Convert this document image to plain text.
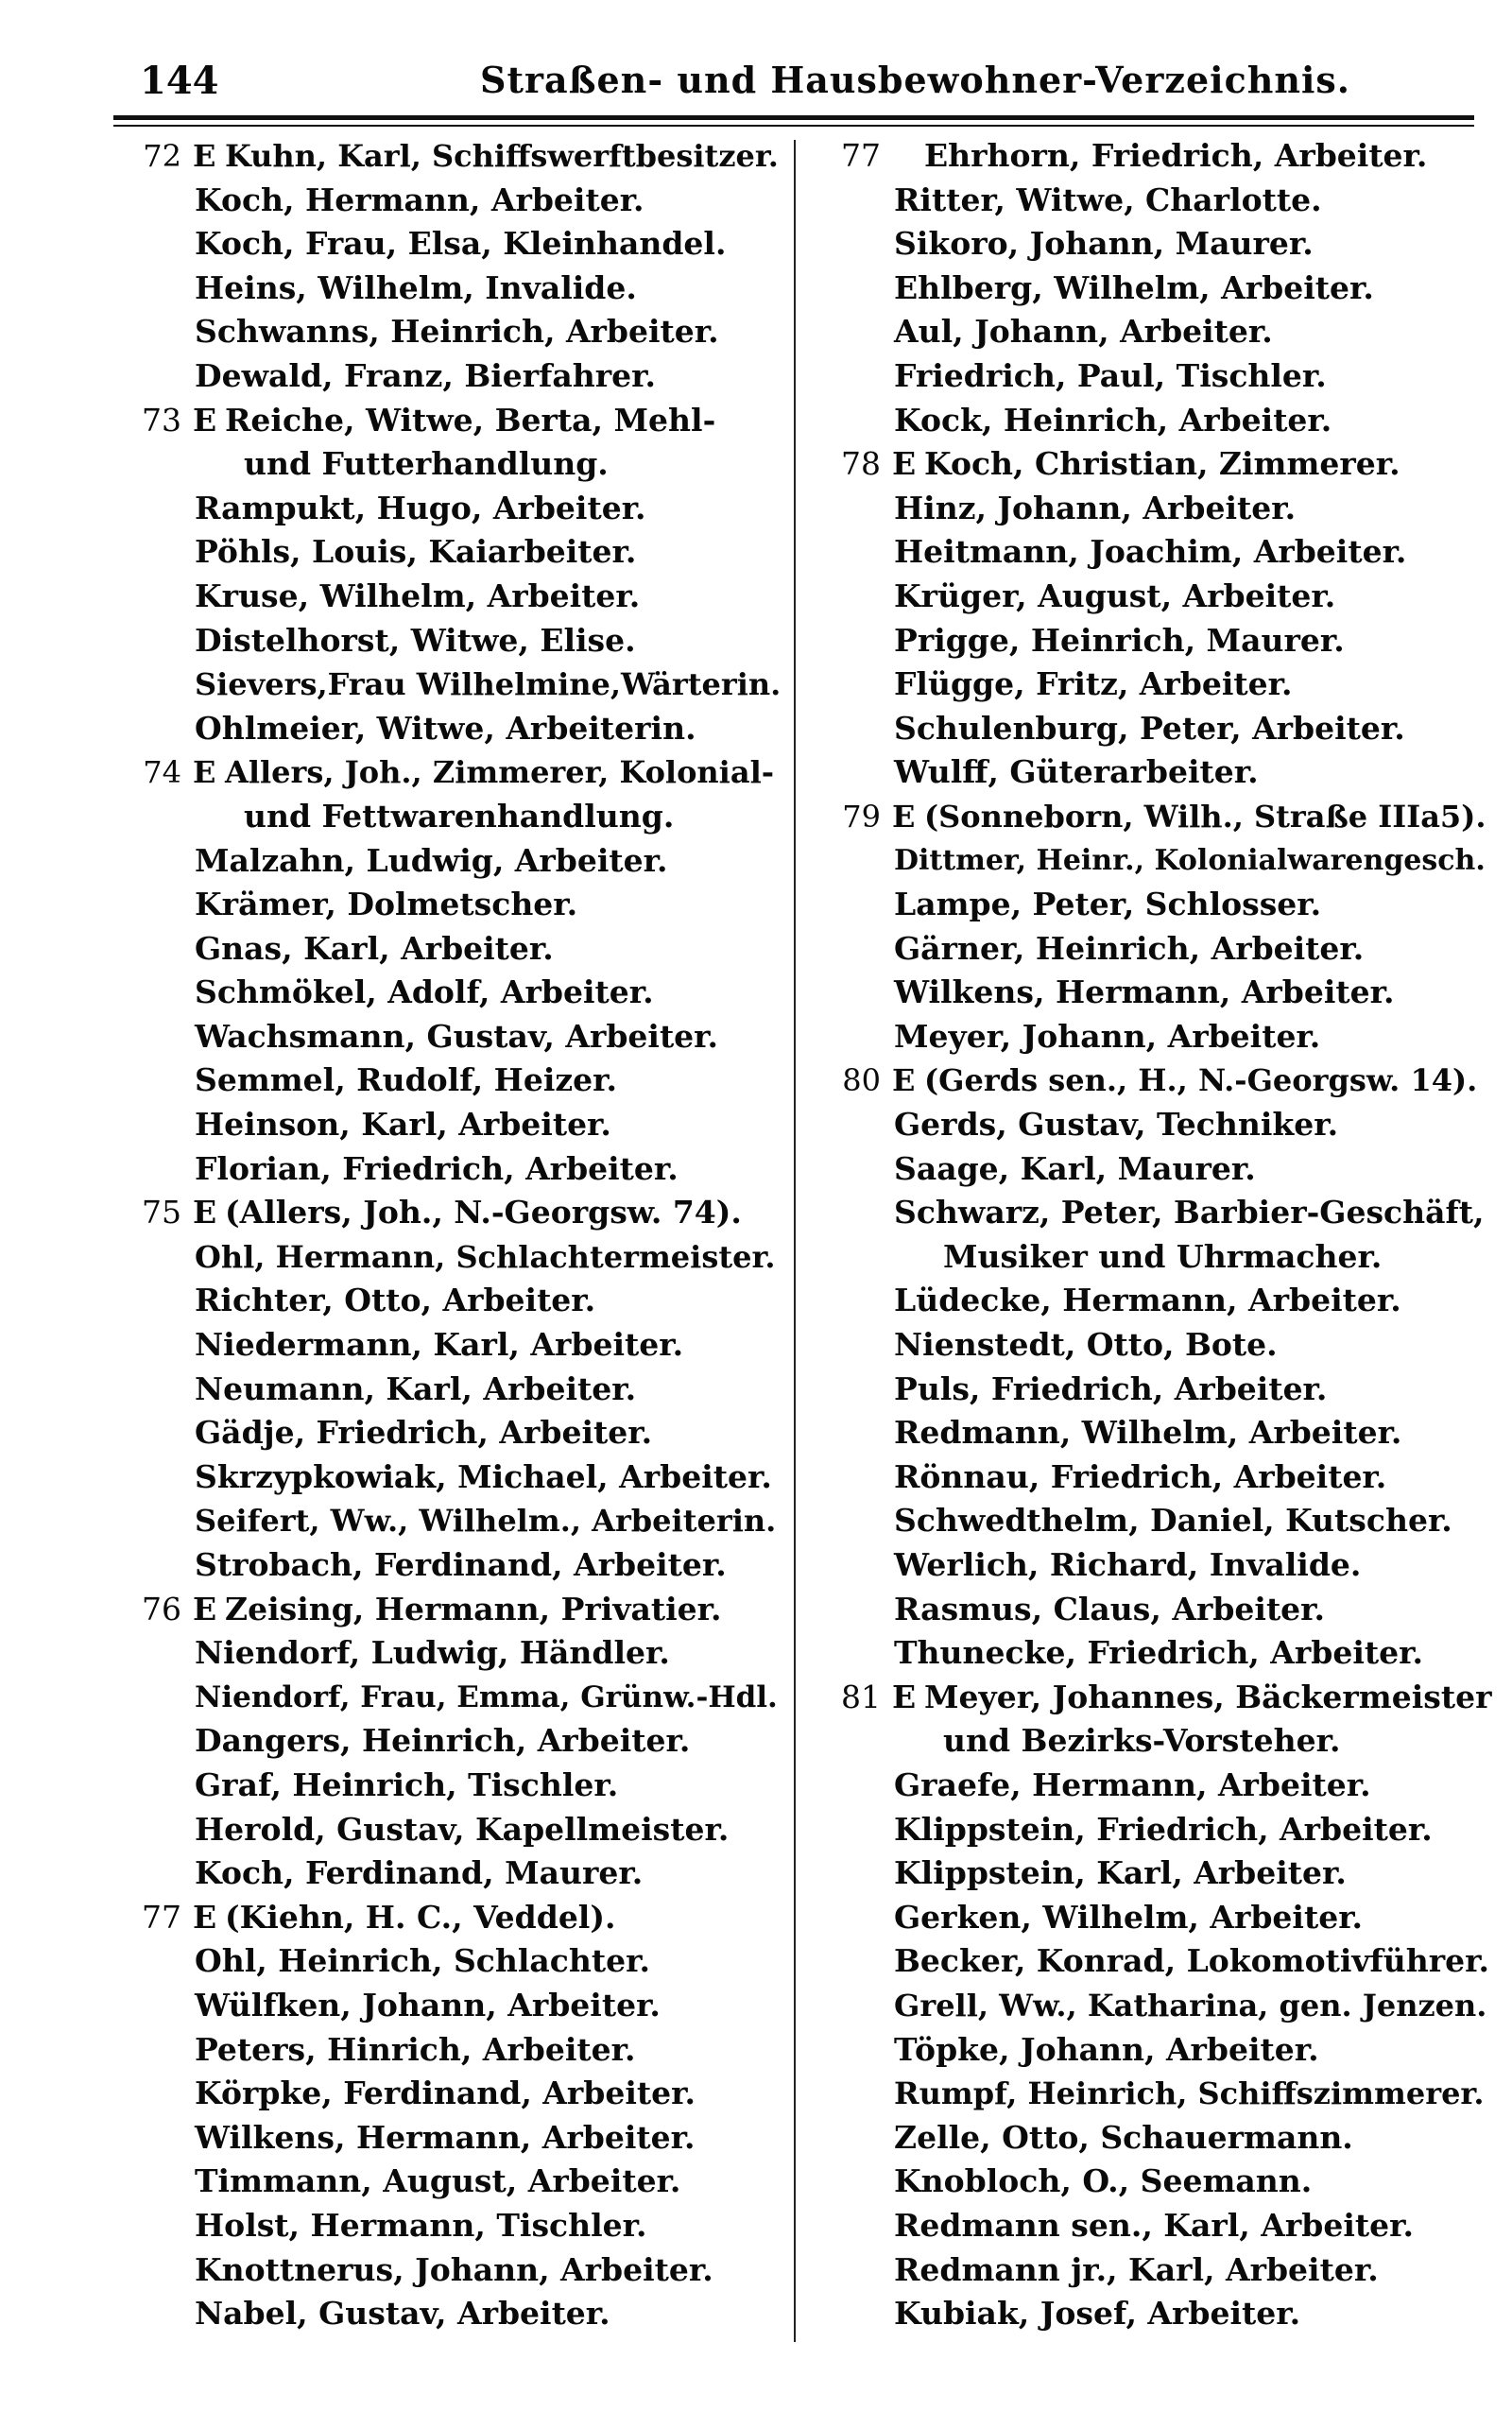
144	Straßen- und Hausbewohner-Verzeichnis.
72 E Kuhn, Karl, Schiffswerftbesitzer.
Koch, Hermann, Arbeiter.
Koch, Frau, Elsa, Kleinhandel.
Heins, Wilhelm, Invalide.
Schwanns, Heinrich, Arbeiter.
Dewald, Franz, Bierfahrer.
73 E Reiche, Witwe, Berta, Mehl-
und Futterhandlung.
Rampukt, Hugo, Arbeiter.
Pöhls, Louis, Kaiarbeiter.
Kruse, Wilhelm, Arbeiter.
Distelhorst, Witwe, Elise.
Sievers,Frau Wilhelmine,Wärterin.
Ohlmeier, Witwe, Arbeiterin.
74 E Allers, Joh., Zimmerer, Kolonial-
und Fettwarenhandlung.
Malzahn, Ludwig, Arbeiter.
Krämer, Dolmetscher.
Gnas, Karl, Arbeiter.
Schmökel, Adolf, Arbeiter.
Wachsmann, Gustav, Arbeiter.
Semmel, Rudolf, Heizer.
Heinson, Karl, Arbeiter.
Florian, Friedrich, Arbeiter.
75 E (Allers, Joh., N.-Georgsw. 74).
Ohl, Hermann, Schlachtermeister.
Richter, Otto, Arbeiter.
Niedermann, Karl, Arbeiter.
Neumann, Karl, Arbeiter.
Gädje, Friedrich, Arbeiter.
Skrzypkowiak, Michael, Arbeiter.
Seifert, Ww., Wilhelm., Arbeiterin.
Strobach, Ferdinand, Arbeiter.
76 E Zeising, Hermann, Privatier.
Niendorf, Ludwig, Händler.
Niendorf, Frau, Emma, Grünw.-Hdl.
Dangers, Heinrich, Arbeiter.
Graf, Heinrich, Tischler.
Herold, Gustav, Kapellmeister.
Koch, Ferdinand, Maurer.
77 E (Kiehn, H. C., Veddel).
Ohl, Heinrich, Schlachter.
Wülfken, Johann, Arbeiter.
Peters, Hinrich, Arbeiter.
Körpke, Ferdinand, Arbeiter.
Wilkens, Hermann, Arbeiter.
Timmann, August, Arbeiter.
Holst, Hermann, Tischler.
Knottnerus, Johann, Arbeiter.
Nabel, Gustav, Arbeiter.
77 Ehrhorn, Friedrich, Arbeiter.
Ritter, Witwe, Charlotte.
Sikoro, Johann, Maurer.
Ehlberg, Wilhelm, Arbeiter.
Aul, Johann, Arbeiter.
Friedrich, Paul, Tischler.
Kock, Heinrich, Arbeiter.
78 E Koch, Christian, Zimmerer.
Hinz, Johann, Arbeiter.
Heitmann, Joachim, Arbeiter.
Krüger, August, Arbeiter.
Prigge, Heinrich, Maurer.
Flügge, Fritz, Arbeiter.
Schulenburg, Peter, Arbeiter.
Wulff, Güterarbeiter.
79 E (Sonneborn, Wilh., Straße IIIa5).
Dittmer, Heinr., Kolonialwarengesch.
Lampe, Peter, Schlosser.
Gärner, Heinrich, Arbeiter.
Wilkens, Hermann, Arbeiter.
Meyer, Johann, Arbeiter.
80 E (Gerds sen., H., N.-Georgsw. 14).
Gerds, Gustav, Techniker.
Saage, Karl, Maurer.
Schwarz, Peter, Barbier-Geschäft,
Musiker und Uhrmacher.
Lüdecke, Hermann, Arbeiter.
Nienstedt, Otto, Bote.
Puls, Friedrich, Arbeiter.
Redmann, Wilhelm, Arbeiter.
Rönnau, Friedrich, Arbeiter.
Schwedthelm, Daniel, Kutscher.
Werlich, Richard, Invalide.
Rasmus, Claus, Arbeiter.
Thunecke, Friedrich, Arbeiter.
81 E Meyer, Johannes, Bäckermeister
und Bezirks-Vorsteher.
Graefe, Hermann, Arbeiter.
Klippstein, Friedrich, Arbeiter.
Klippstein, Karl, Arbeiter.
Gerken, Wilhelm, Arbeiter.
Becker, Konrad, Lokomotivführer.
Grell, Ww., Katharina, gen. Jenzen.
Töpke, Johann, Arbeiter.
Rumpf, Heinrich, Schiffszimmerer.
Zelle, Otto, Schauermann.
Knobloch, O., Seemann.
Redmann sen., Karl, Arbeiter.
Redmann jr., Karl, Arbeiter.
Kubiak, Josef, Arbeiter.
